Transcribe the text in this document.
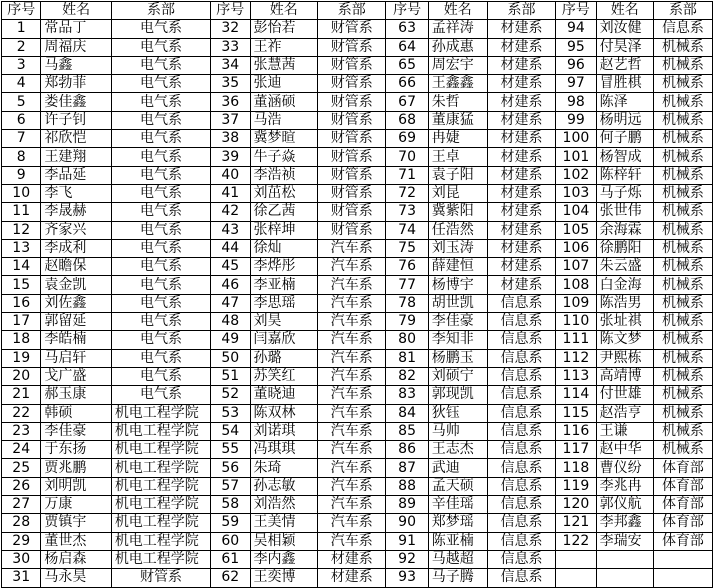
序号	姓名	系部	序号	姓名	系部	序号	姓名	系部	序号	姓名	系部
1	常品丁	电气系	32	彭怡若	财管系	63	孟祥涛	材建系	94	刘汝健	信息系
2	周福庆	电气系	33	王祚	财管系	64	孙成惠	材建系	95	付昊泽	机械系
3	马鑫	电气系	34	张慧茜	财管系	65	周宏宇	材建系	96	赵艺哲	机械系
4	郑勃菲	电气系	35	张迪	财管系	66	王鑫鑫	材建系	97	冒胜棋	机械系
5	娄佳鑫	电气系	36	董涵硕	财管系	67	朱哲	材建系	98	陈泽	机械系
6	许子钊	电气系	37	马浩	财管系	68	董康猛	材建系	99	杨明远	机械系
7	祁欣恺	电气系	38	冀梦暄	财管系	69	冉婕	材建系	100	何子鹏	机械系
8	王建翔	电气系	39	牛子焱	财管系	70	王卓	材建系	101	杨智成	机械系
9	李品延	电气系	40	李浩祯	财管系	71	袁子阳	材建系	102	陈梓轩	机械系
10	李飞	电气系	41	刘茁松	财管系	72	刘昆	材建系	103	马子烁	机械系
11	李晟赫	电气系	42	徐乙茜	财管系	73	冀紫阳	材建系	104	张世伟	机械系
12	齐家兴	电气系	43	张梓坤	财管系	74	任浩然	材建系	105	余海霖	机械系
13	李成利	电气系	44	徐灿	汽车系	75	刘玉涛	材建系	106	徐鹏阳	机械系
14	赵瞻保	电气系	45	李烨彤	汽车系	76	薛建恒	材建系	107	朱云盛	机械系
15	袁金凯	电气系	46	李亚楠	汽车系	77	杨博宇	材建系	108	白金海	机械系
16	刘佐鑫	电气系	47	李思瑶	汽车系	78	胡世凯	信息系	109	陈浩男	机械系
17	郭留延	电气系	48	刘昊	汽车系	79	李佳豪	信息系	110	张址祺	机械系
18	李皓楠	电气系	49	闫嘉欣	汽车系	80	李知非	信息系	111	陈文梦	机械系
19	马启轩	电气系	50	孙璐	汽车系	81	杨鹏玉	信息系	112	尹熙栋	机械系
20	戈广盛	电气系	51	苏笑红	汽车系	82	刘硕宁	信息系	113	高靖博	机械系
21	郝玉康	电气系	52	董晓迪	汽车系	83	郭现凯	信息系	114	付世雄	机械系
22	韩硕	机电工程学院	53	陈双林	汽车系	84	狄钰	信息系	115	赵浩亨	机械系
23	李佳豪	机电工程学院	54	刘诺琪	汽车系	85	马帅	信息系	116	王谦	机械系
24	于东扬	机电工程学院	55	冯琪琪	汽车系	86	王志杰	信息系	117	赵中华	机械系
25	贾兆鹏	机电工程学院	56	朱琦	汽车系	87	武迪	信息系	118	曹仪纷	体育部
26	刘明凯	机电工程学院	57	孙志敏	汽车系	88	孟天硕	信息系	119	李兆冉	体育部
27	万康	机电工程学院	58	刘浩然	汽车系	89	辛佳瑶	信息系	120	郭仪航	体育部
28	贾镇宇	机电工程学院	59	王美情	汽车系	90	郑梦瑶	信息系	121	李邦鑫	体育部
29	董世杰	机电工程学院	60	吴相颖	汽车系	91	陈亚楠	信息系	122	李瑞安	体育部
30	杨启森	机电工程学院	61	李内鑫	材建系	92	马越超	信息系			
31	马永昊	财管系	62	王奕博	材建系	93	马子腾	信息系			
